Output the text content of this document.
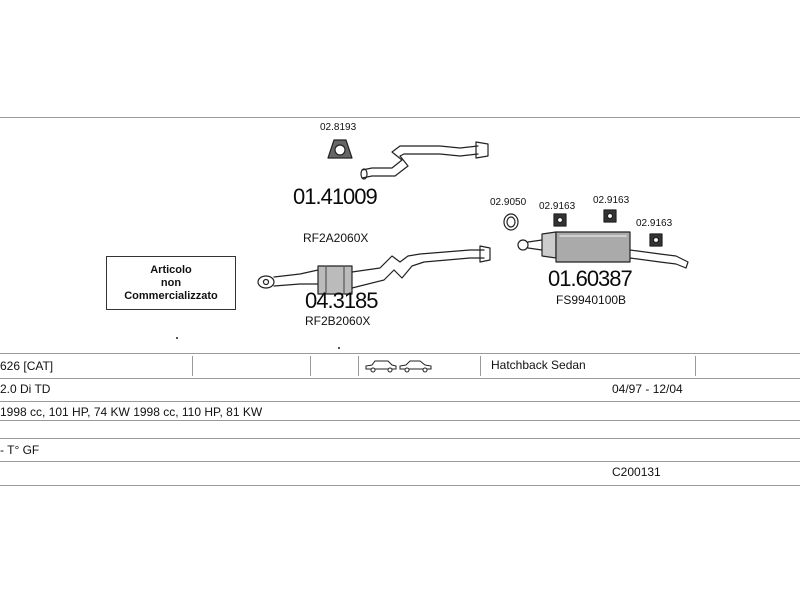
02.8193
01.41009
RF2A2060X
04.3185
RF2B2060X
02.9050 02.9163
02.9163
02.9163
01.60387
FS9940100B
Articolo
non
Commercializzato
626 [CAT]	Hatchback Sedan
2.0 Di TD	04/97 - 12/04
1998 cc, 101 HP, 74 KW 1998 cc, 110 HP, 81 KW
- T° GF
C200131
